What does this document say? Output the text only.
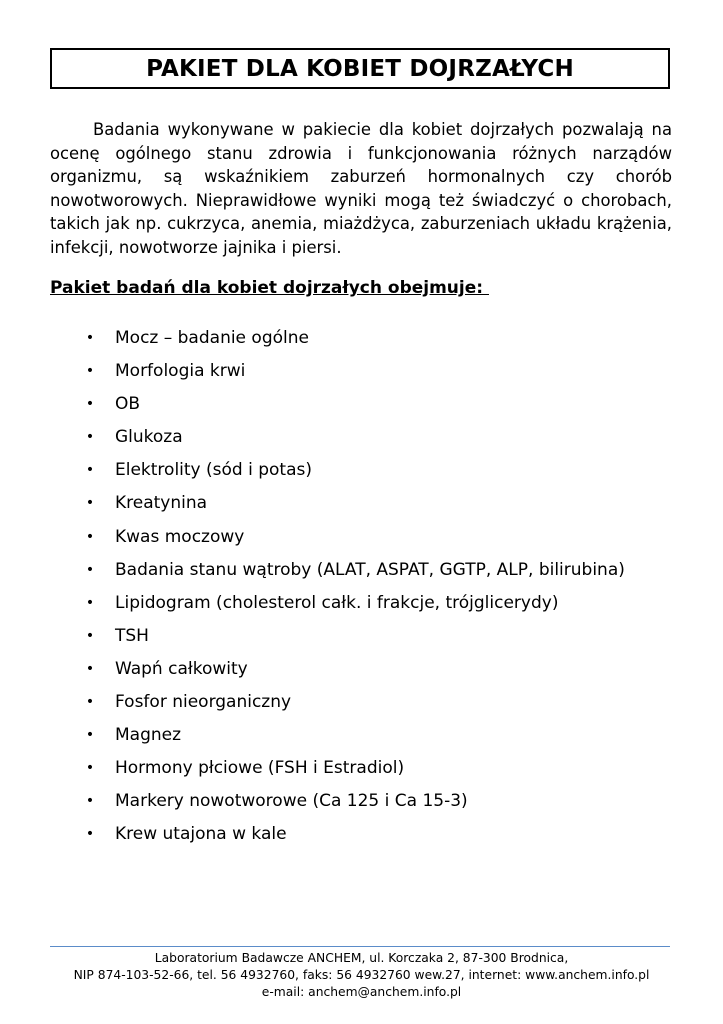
PAKIET DLA KOBIET DOJRZAŁYCH

Badania wykonywane w pakiecie dla kobiet dojrzałych pozwalają na ocenę ogólnego stanu zdrowia i funkcjonowania różnych narządów organizmu, są wskaźnikiem zaburzeń hormonalnych czy chorób nowotworowych. Nieprawidłowe wyniki mogą też świadczyć o chorobach, takich jak np. cukrzyca, anemia, miażdżyca, zaburzeniach układu krążenia, infekcji, nowotworze jajnika i piersi.

Pakiet badań dla kobiet dojrzałych obejmuje:

• Mocz – badanie ogólne
• Morfologia krwi
• OB
• Glukoza
• Elektrolity (sód i potas)
• Kreatynina
• Kwas moczowy
• Badania stanu wątroby (ALAT, ASPAT, GGTP, ALP, bilirubina)
• Lipidogram (cholesterol całk. i frakcje, trójglicerydy)
• TSH
• Wapń całkowity
• Fosfor nieorganiczny
• Magnez
• Hormony płciowe (FSH i Estradiol)
• Markery nowotworowe (Ca 125 i Ca 15-3)
• Krew utajona w kale
Laboratorium Badawcze ANCHEM, ul. Korczaka 2, 87-300 Brodnica,
NIP 874-103-52-66, tel. 56 4932760, faks: 56 4932760 wew.27, internet: www.anchem.info.pl
e-mail: anchem@anchem.info.pl
